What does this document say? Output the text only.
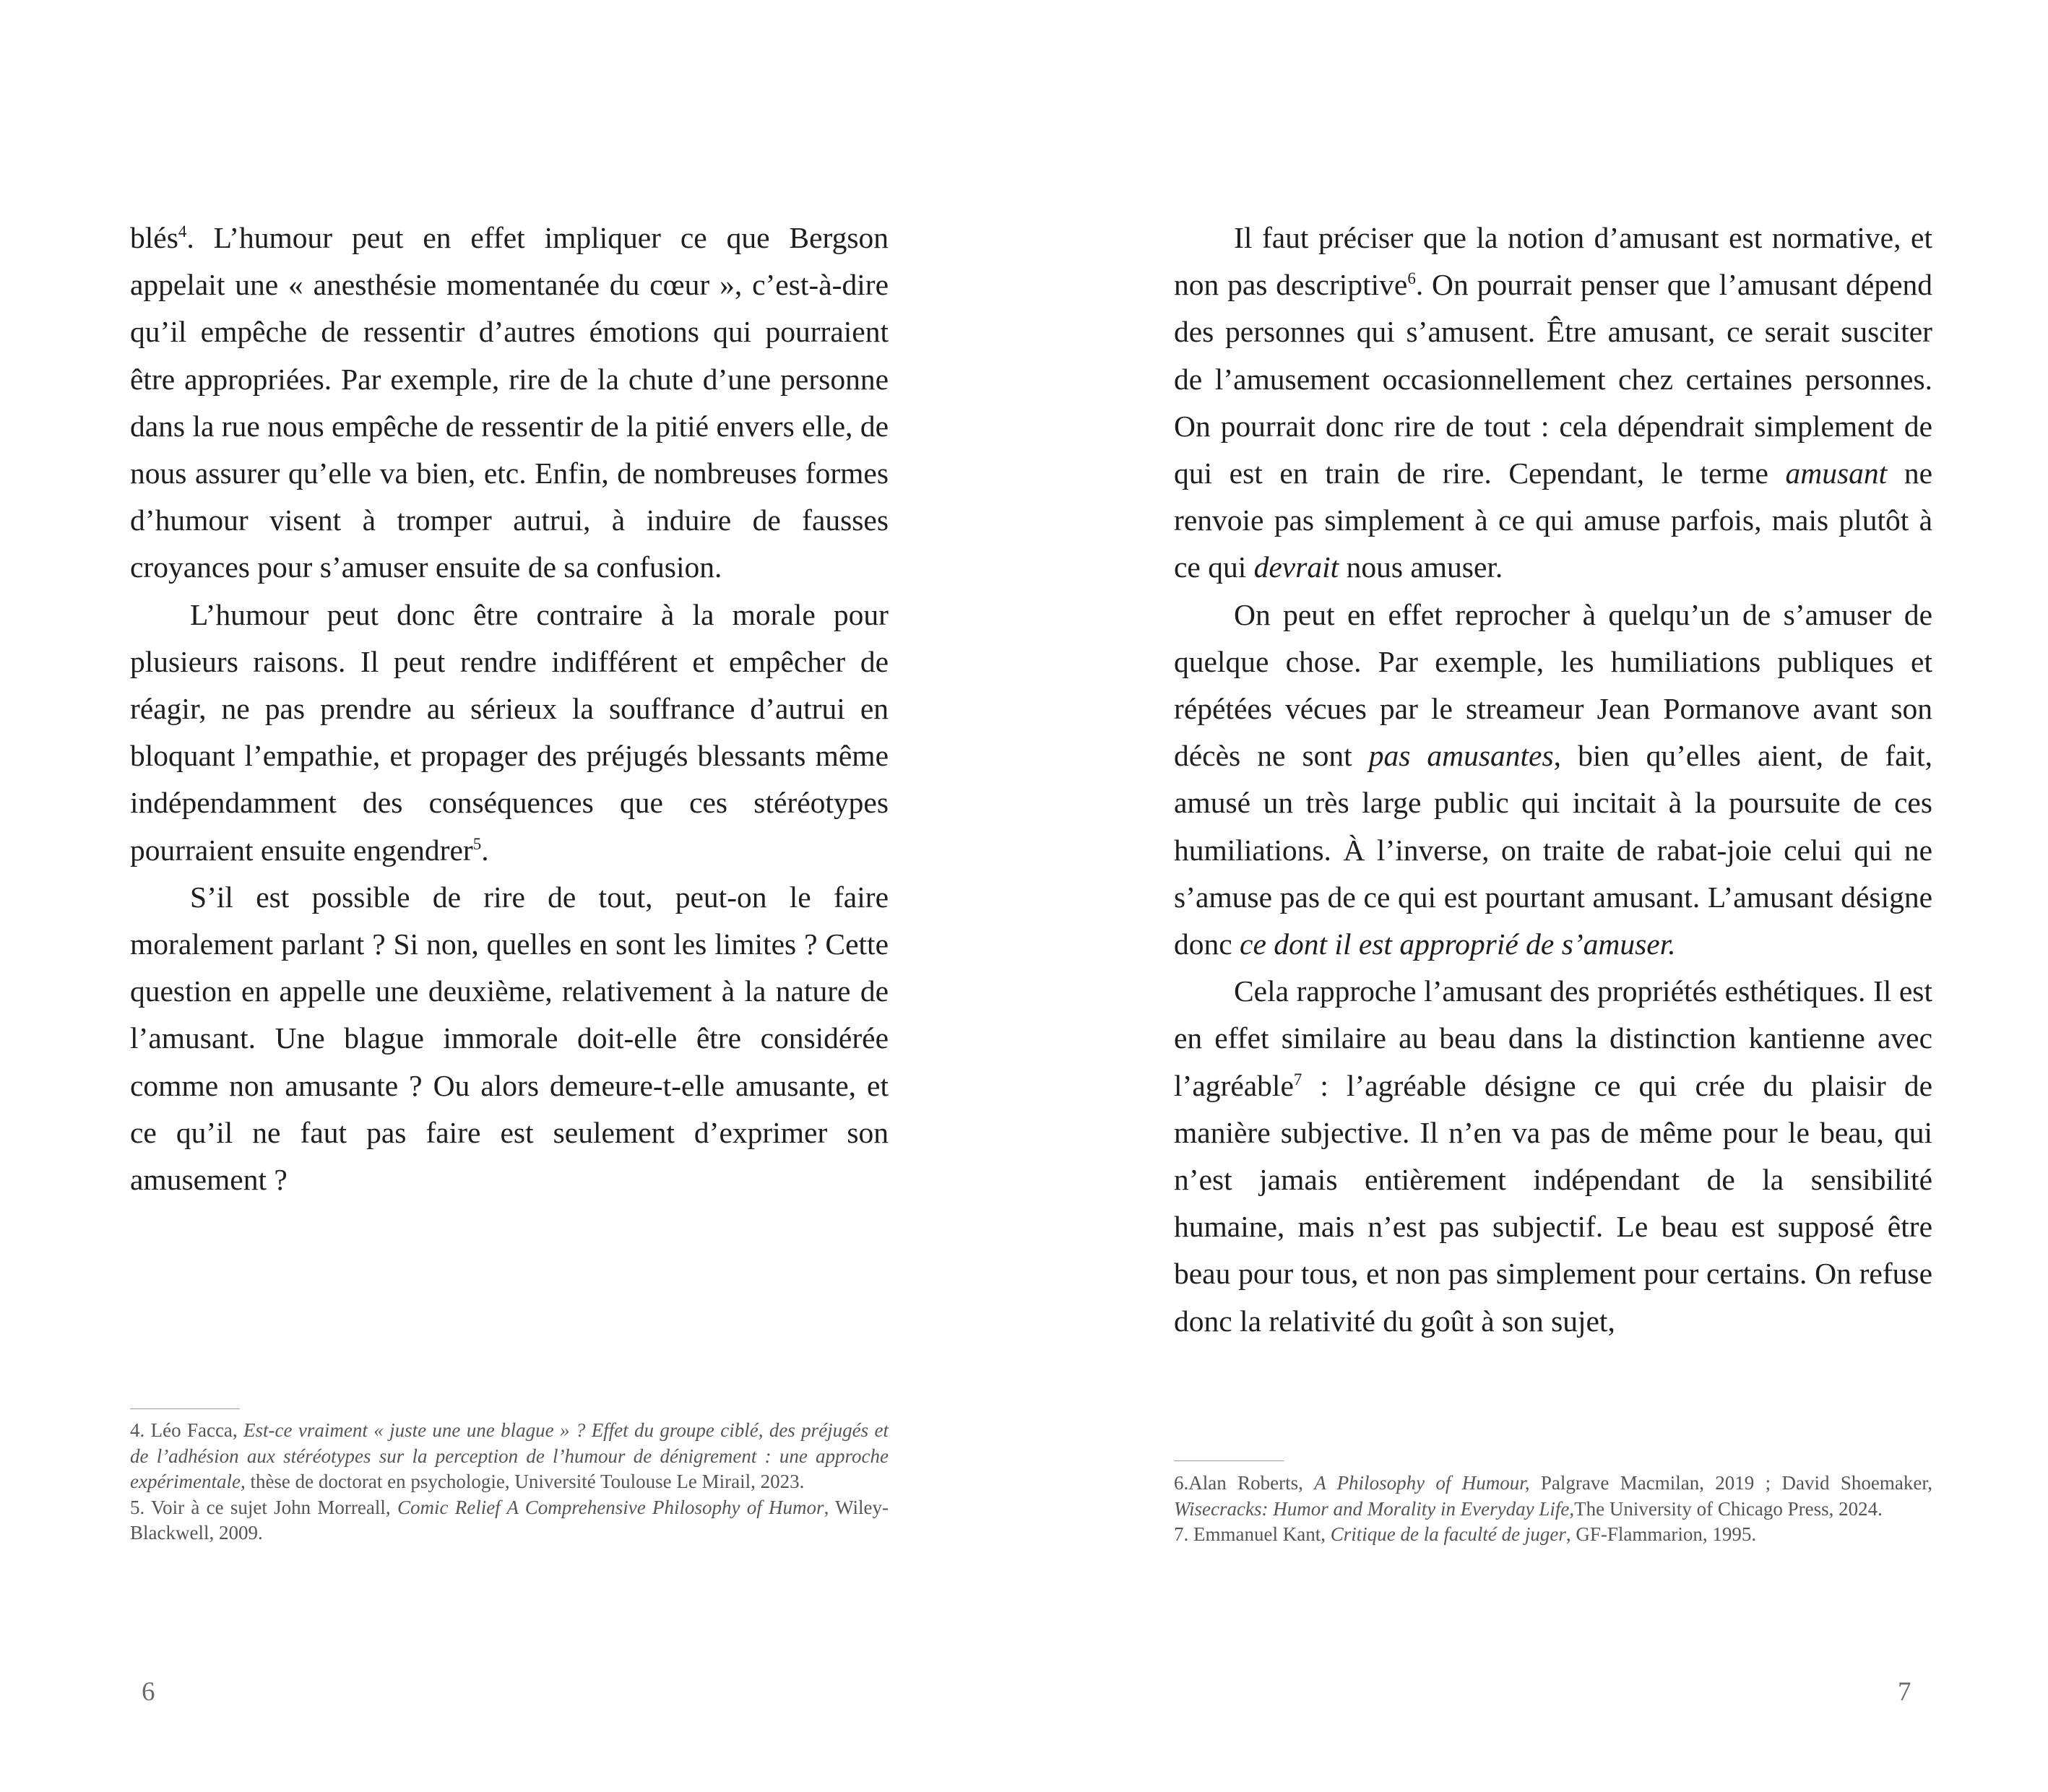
blés$^4$. L’humour peut en effet impliquer ce que Bergson appelait une « anesthésie momentanée du cœur », c’est-à-dire qu’il empêche de ressentir d’autres émotions qui pourraient être appropriées. Par exemple, rire de la chute d’une personne dans la rue nous empêche de ressentir de la pitié envers elle, de nous assurer qu’elle va bien, etc. Enfin, de nombreuses formes d’humour visent à tromper autrui, à induire de fausses croyances pour s’amuser ensuite de sa confusion.

L’humour peut donc être contraire à la morale pour plusieurs raisons. Il peut rendre indifférent et empêcher de réagir, ne pas prendre au sérieux la souffrance d’autrui en bloquant l’empathie, et propager des préjugés blessants même indépendamment des conséquences que ces stéréotypes pourraient ensuite engendrer$^5$.

S’il est possible de rire de tout, peut-on le faire moralement parlant ? Si non, quelles en sont les limites ? Cette question en appelle une deuxième, relativement à la nature de l’amusant. Une blague immorale doit-elle être considérée comme non amusante ? Ou alors demeure-t-elle amusante, et ce qu’il ne faut pas faire est seulement d’exprimer son amusement ?

4. Léo Facca, Est-ce vraiment « juste une une blague » ? Effet du groupe ciblé, des préjugés et de l’adhésion aux stéréotypes sur la perception de l’humour de dénigrement : une approche expérimentale, thèse de doctorat en psychologie, Université Toulouse Le Mirail, 2023.

5. Voir à ce sujet John Morreall, Comic Relief A Comprehensive Philosophy of Humor, Wiley-Blackwell, 2009.

6

Il faut préciser que la notion d’amusant est normative, et non pas descriptive$^6$. On pourrait penser que l’amusant dépend des personnes qui s’amusent. Être amusant, ce serait susciter de l’amusement occasionnellement chez certaines personnes. On pourrait donc rire de tout : cela dépendrait simplement de qui est en train de rire. Cependant, le terme amusant ne renvoie pas simplement à ce qui amuse parfois, mais plutôt à ce qui devrait nous amuser.

On peut en effet reprocher à quelqu’un de s’amuser de quelque chose. Par exemple, les humiliations publiques et répétées vécues par le streameur Jean Pormanove avant son décès ne sont pas amusantes, bien qu’elles aient, de fait, amusé un très large public qui incitait à la poursuite de ces humiliations. À l’inverse, on traite de rabat-joie celui qui ne s’amuse pas de ce qui est pourtant amusant. L’amusant désigne donc ce dont il est approprié de s’amuser.

Cela rapproche l’amusant des propriétés esthétiques. Il est en effet similaire au beau dans la distinction kantienne avec l’agréable$^7$ : l’agréable désigne ce qui crée du plaisir de manière subjective. Il n’en va pas de même pour le beau, qui n’est jamais entièrement indépendant de la sensibilité humaine, mais n’est pas subjectif. Le beau est supposé être beau pour tous, et non pas simplement pour certains. On refuse donc la relativité du goût à son sujet,

6.Alan Roberts, A Philosophy of Humour, Palgrave Macmilan, 2019 ; David Shoemaker, Wisecracks: Humor and Morality in Everyday Life,The University of Chicago Press, 2024.

7. Emmanuel Kant, Critique de la faculté de juger, GF-Flammarion, 1995.

7
